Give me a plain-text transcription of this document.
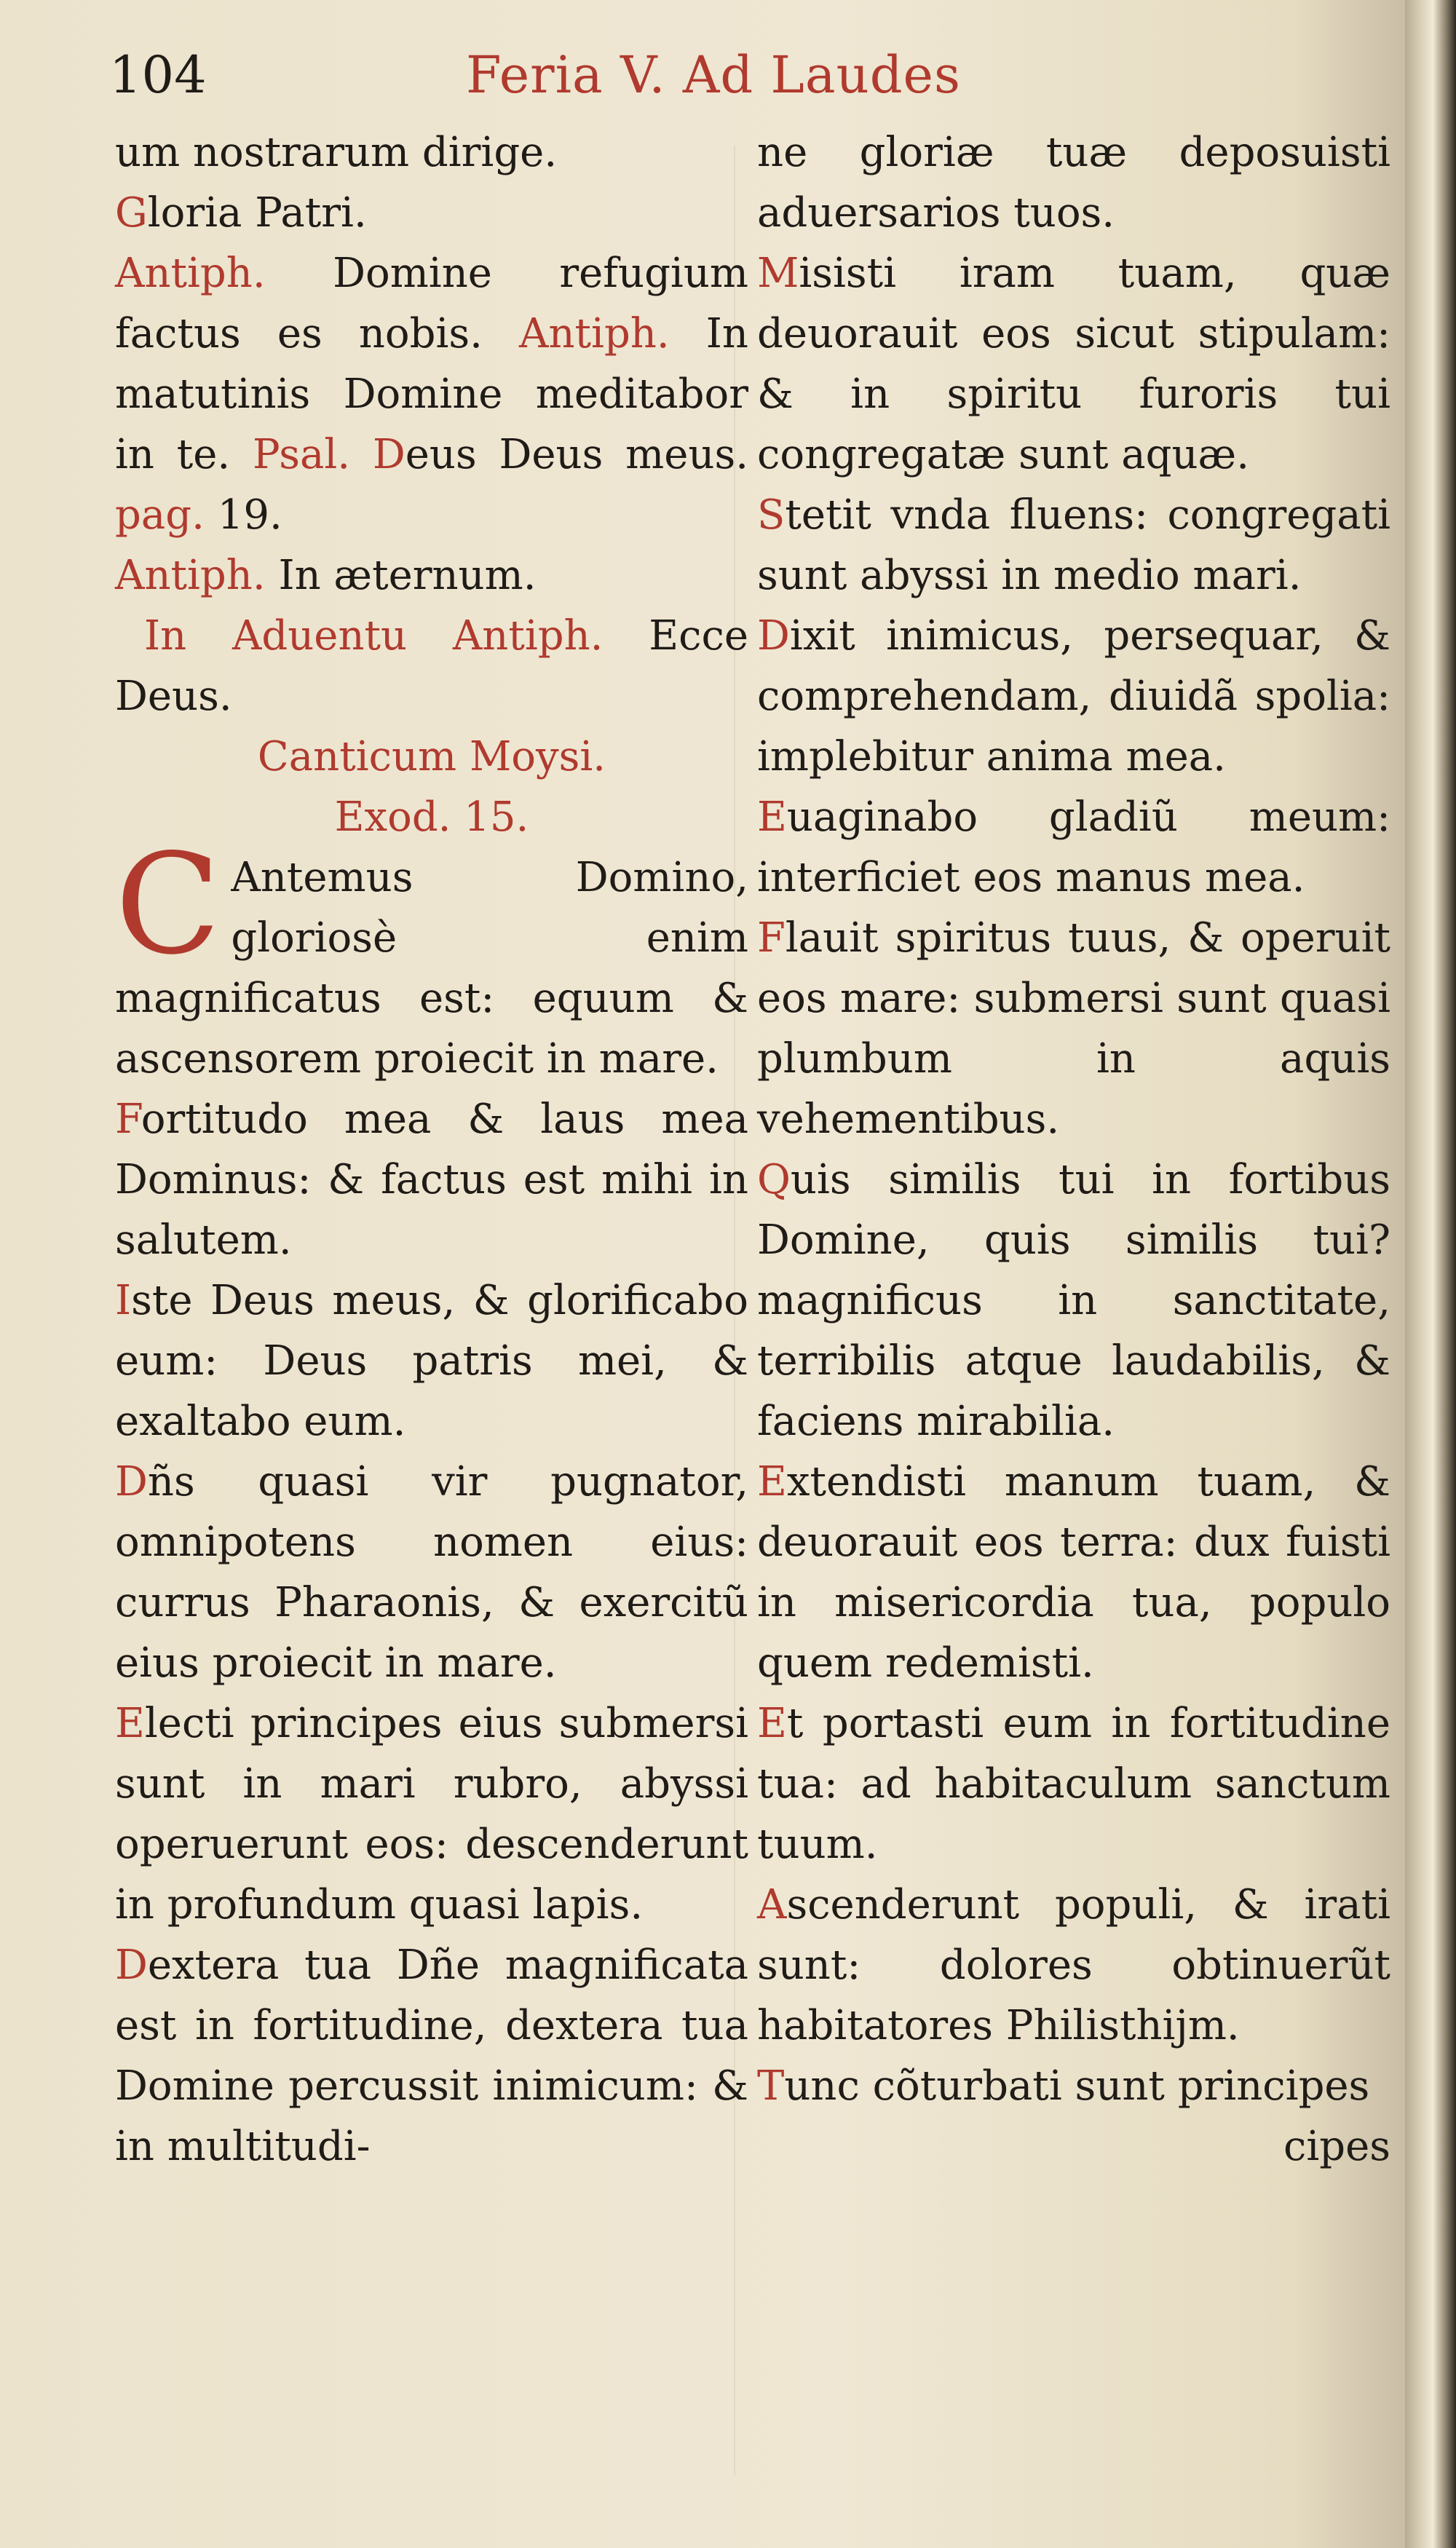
104	Feria V. Ad Laudes

um nostrarum dirige.

Gloria Patri.

Antiph. Domine refugium factus es nobis. Antiph. In matutinis Domine meditabor in te. Psal. Deus Deus meus. pag. 19.

Antiph. In æternum.

In Aduentu Antiph. Ecce Deus.

Canticum Moysi.

Exod. 15.

C Antemus Domino, gloriosè enim magnificatus est: equum & ascensorem proiecit in mare.

Fortitudo mea & laus mea Dominus: & factus est mihi in salutem.

Iste Deus meus, & glorificabo eum: Deus patris mei, & exaltabo eum.

Dñs quasi vir pugnator, omnipotens nomen eius: currus Pharaonis, & exercitũ eius proiecit in mare.

Electi principes eius submersi sunt in mari rubro, abyssi operuerunt eos: descenderunt in profundum quasi lapis.

Dextera tua Dñe magnificata est in fortitudine, dextera tua Domine percussit inimicum: & in multitudi-

ne gloriæ tuæ deposuisti aduersarios tuos.

Misisti iram tuam, quæ deuorauit eos sicut stipulam: & in spiritu furoris tui congregatæ sunt aquæ.

Stetit vnda fluens: congregati sunt abyssi in medio mari.

Dixit inimicus, persequar, & comprehendam, diuidã spolia: implebitur anima mea.

Euaginabo gladiũ meum: interficiet eos manus mea.

Flauit spiritus tuus, & operuit eos mare: submersi sunt quasi plumbum in aquis vehementibus.

Quis similis tui in fortibus Domine, quis similis tui? magnificus in sanctitate, terribilis atque laudabilis, & faciens mirabilia.

Extendisti manum tuam, & deuorauit eos terra: dux fuisti in misericordia tua, populo quem redemisti.

Et portasti eum in fortitudine tua: ad habitaculum sanctum tuum.

Ascenderunt populi, & irati sunt: dolores obtinuerũt habitatores Philisthijm.

Tunc cõturbati sunt principes

cipes
